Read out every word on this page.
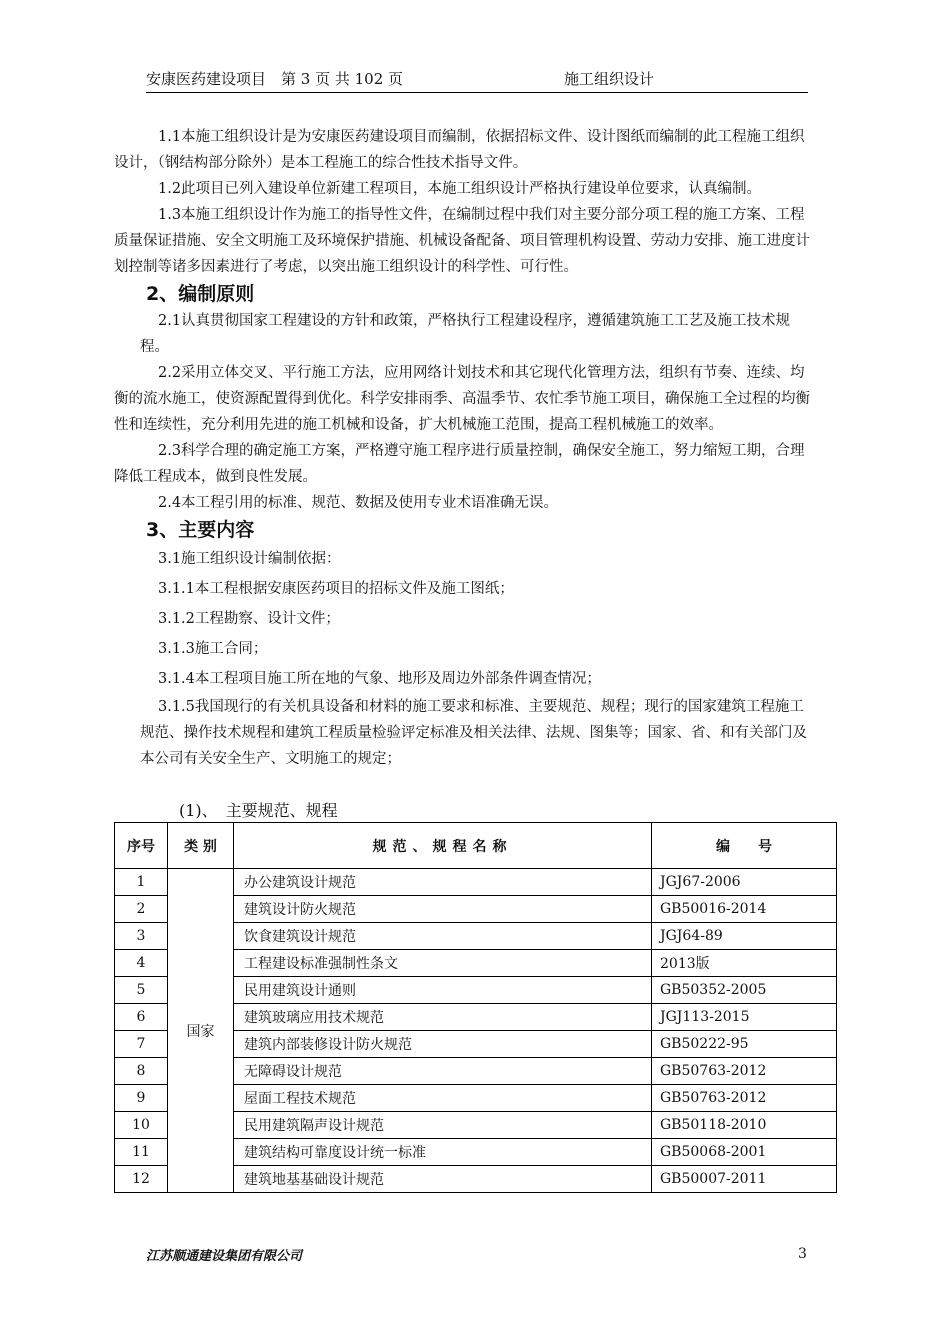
安康医药建设项目　第 3 页 共 102 页	施工组织设计

1.1本施工组织设计是为安康医药建设项目而编制，依据招标文件、设计图纸而编制的此工程施工组织设计，（钢结构部分除外）是本工程施工的综合性技术指导文件。

1.2此项目已列入建设单位新建工程项目，本施工组织设计严格执行建设单位要求，认真编制。

1.3本施工组织设计作为施工的指导性文件，在编制过程中我们对主要分部分项工程的施工方案、工程质量保证措施、安全文明施工及环境保护措施、机械设备配备、项目管理机构设置、劳动力安排、施工进度计划控制等诸多因素进行了考虑，以突出施工组织设计的科学性、可行性。

2、编制原则

2.1认真贯彻国家工程建设的方针和政策，严格执行工程建设程序，遵循建筑施工工艺及施工技术规程。

2.2采用立体交叉、平行施工方法，应用网络计划技术和其它现代化管理方法，组织有节奏、连续、均衡的流水施工，使资源配置得到优化。科学安排雨季、高温季节、农忙季节施工项目，确保施工全过程的均衡性和连续性，充分利用先进的施工机械和设备，扩大机械施工范围，提高工程机械施工的效率。

2.3科学合理的确定施工方案，严格遵守施工程序进行质量控制，确保安全施工，努力缩短工期，合理降低工程成本，做到良性发展。

2.4本工程引用的标准、规范、数据及使用专业术语准确无误。

3、主要内容

3.1施工组织设计编制依据：

3.1.1本工程根据安康医药项目的招标文件及施工图纸；

3.1.2工程勘察、设计文件；

3.1.3施工合同；

3.1.4本工程项目施工所在地的气象、地形及周边外部条件调查情况；

3.1.5我国现行的有关机具设备和材料的施工要求和标准、主要规范、规程；现行的国家建筑工程施工规范、操作技术规程和建筑工程质量检验评定标准及相关法律、法规、图集等；国家、省、和有关部门及本公司有关安全生产、文明施工的规定；

(1)、　主要规范、规程
序号	类 别	规范、规程名称	编　　号
1	国家	办公建筑设计规范	JGJ67-2006
2		建筑设计防火规范	GB50016-2014
3		饮食建筑设计规范	JGJ64-89
4		工程建设标准强制性条文	2013版
5		民用建筑设计通则	GB50352-2005
6		建筑玻璃应用技术规范	JGJ113-2015
7		建筑内部装修设计防火规范	GB50222-95
8		无障碍设计规范	GB50763-2012
9		屋面工程技术规范	GB50763-2012
10		民用建筑隔声设计规范	GB50118-2010
11		建筑结构可靠度设计统一标准	GB50068-2001
12		建筑地基基础设计规范	GB50007-2011
江苏顺通建设集团有限公司	3
